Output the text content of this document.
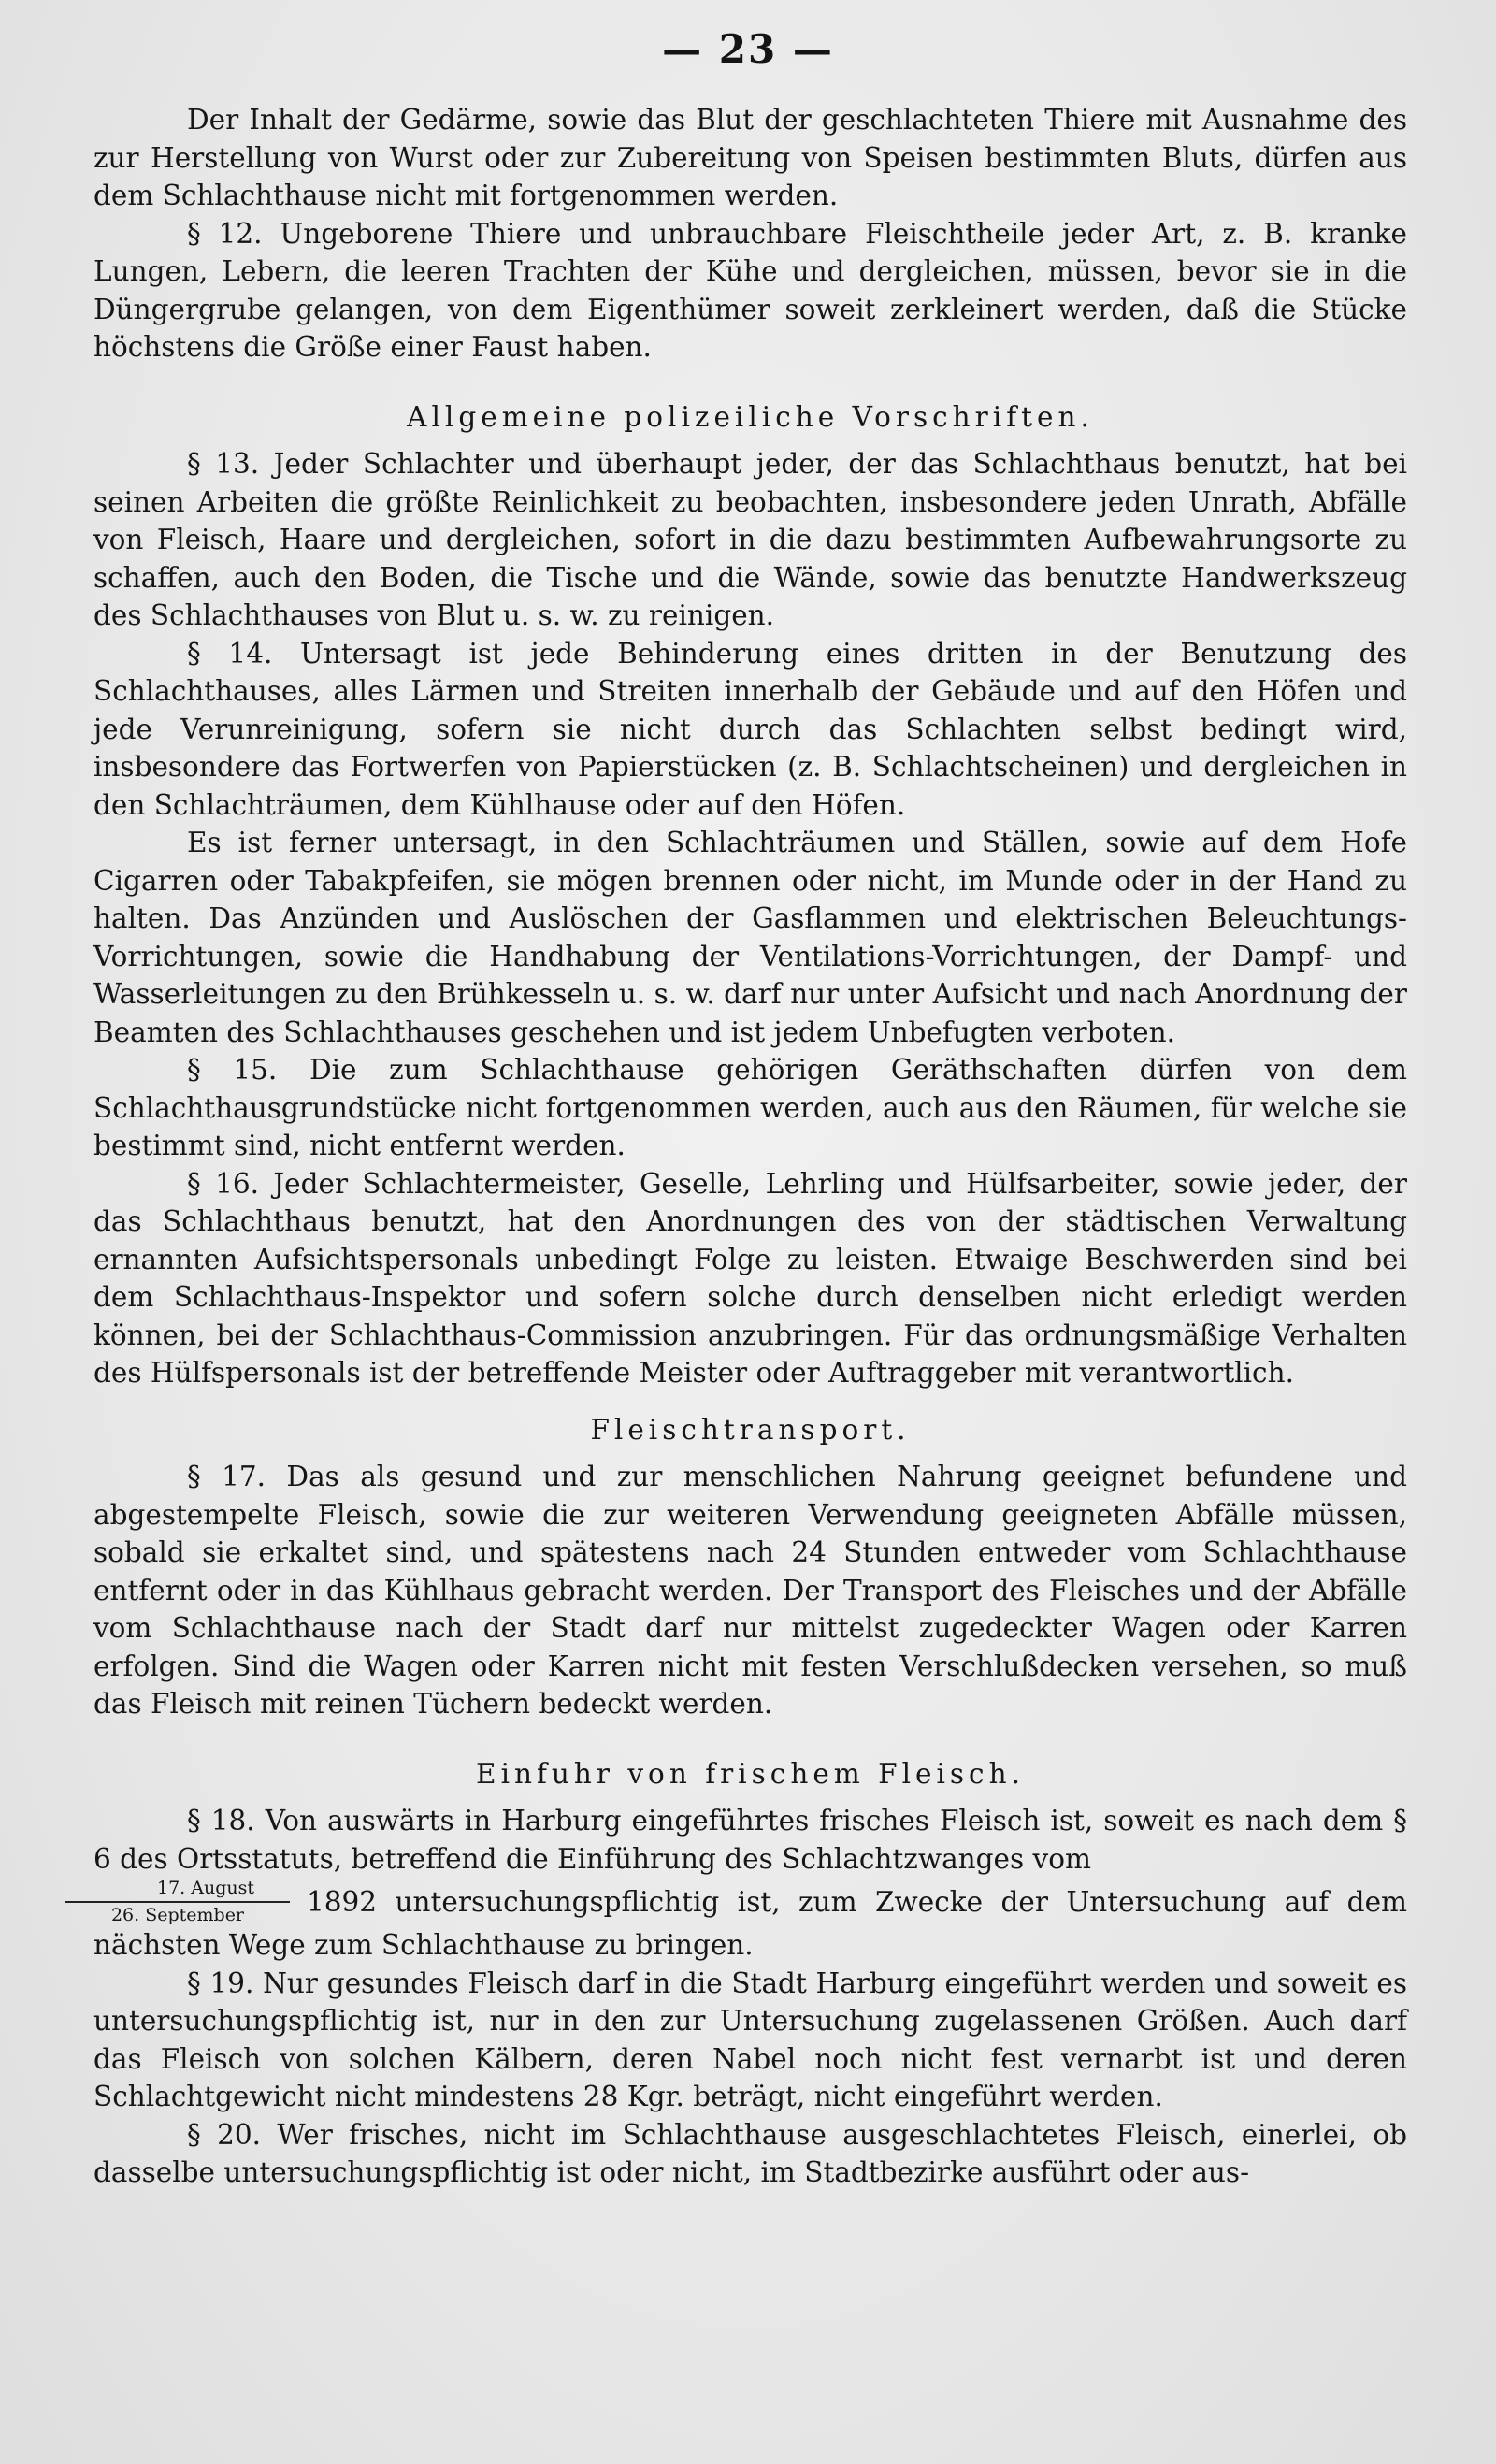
— 23 —

Der Inhalt der Gedärme, sowie das Blut der geschlachteten Thiere mit Ausnahme des zur Herstellung von Wurst oder zur Zubereitung von Speisen bestimmten Bluts, dürfen aus dem Schlachthause nicht mit fortgenommen werden.

§ 12. Ungeborene Thiere und unbrauchbare Fleischtheile jeder Art, z. B. kranke Lungen, Lebern, die leeren Trachten der Kühe und dergleichen, müssen, bevor sie in die Düngergrube gelangen, von dem Eigenthümer soweit zerkleinert werden, daß die Stücke höchstens die Größe einer Faust haben.

Allgemeine polizeiliche Vorschriften.

§ 13. Jeder Schlachter und überhaupt jeder, der das Schlachthaus benutzt, hat bei seinen Arbeiten die größte Reinlichkeit zu beobachten, insbesondere jeden Unrath, Abfälle von Fleisch, Haare und dergleichen, sofort in die dazu bestimmten Aufbewahrungsorte zu schaffen, auch den Boden, die Tische und die Wände, sowie das benutzte Handwerkszeug des Schlachthauses von Blut u. s. w. zu reinigen.

§ 14. Untersagt ist jede Behinderung eines dritten in der Benutzung des Schlachthauses, alles Lärmen und Streiten innerhalb der Gebäude und auf den Höfen und jede Verunreinigung, sofern sie nicht durch das Schlachten selbst bedingt wird, insbesondere das Fortwerfen von Papierstücken (z. B. Schlachtscheinen) und dergleichen in den Schlachträumen, dem Kühlhause oder auf den Höfen.

Es ist ferner untersagt, in den Schlachträumen und Ställen, sowie auf dem Hofe Cigarren oder Tabakpfeifen, sie mögen brennen oder nicht, im Munde oder in der Hand zu halten. Das Anzünden und Auslöschen der Gasflammen und elektrischen Beleuchtungs-Vorrichtungen, sowie die Handhabung der Ventilations-Vorrichtungen, der Dampf- und Wasserleitungen zu den Brühkesseln u. s. w. darf nur unter Aufsicht und nach Anordnung der Beamten des Schlachthauses geschehen und ist jedem Unbefugten verboten.

§ 15. Die zum Schlachthause gehörigen Geräthschaften dürfen von dem Schlachthausgrundstücke nicht fortgenommen werden, auch aus den Räumen, für welche sie bestimmt sind, nicht entfernt werden.

§ 16. Jeder Schlachtermeister, Geselle, Lehrling und Hülfsarbeiter, sowie jeder, der das Schlachthaus benutzt, hat den Anordnungen des von der städtischen Verwaltung ernannten Aufsichtspersonals unbedingt Folge zu leisten. Etwaige Beschwerden sind bei dem Schlachthaus-Inspektor und sofern solche durch denselben nicht erledigt werden können, bei der Schlachthaus-Commission anzubringen. Für das ordnungsmäßige Verhalten des Hülfspersonals ist der betreffende Meister oder Auftraggeber mit verantwortlich.

Fleischtransport.

§ 17. Das als gesund und zur menschlichen Nahrung geeignet befundene und abgestempelte Fleisch, sowie die zur weiteren Verwendung geeigneten Abfälle müssen, sobald sie erkaltet sind, und spätestens nach 24 Stunden entweder vom Schlachthause entfernt oder in das Kühlhaus gebracht werden. Der Transport des Fleisches und der Abfälle vom Schlachthause nach der Stadt darf nur mittelst zugedeckter Wagen oder Karren erfolgen. Sind die Wagen oder Karren nicht mit festen Verschlußdecken versehen, so muß das Fleisch mit reinen Tüchern bedeckt werden.

Einfuhr von frischem Fleisch.

§ 18. Von auswärts in Harburg eingeführtes frisches Fleisch ist, soweit es nach dem § 6 des Ortsstatuts, betreffend die Einführung des Schlachtzwanges vom

$\frac{\text{17. August}}{\text{26. September}} 1892$ untersuchungspflichtig ist, zum Zwecke der Untersuchung auf dem

nächsten Wege zum Schlachthause zu bringen.

§ 19. Nur gesundes Fleisch darf in die Stadt Harburg eingeführt werden und soweit es untersuchungspflichtig ist, nur in den zur Untersuchung zugelassenen Größen. Auch darf das Fleisch von solchen Kälbern, deren Nabel noch nicht fest vernarbt ist und deren Schlachtgewicht nicht mindestens 28 Kgr. beträgt, nicht eingeführt werden.

§ 20. Wer frisches, nicht im Schlachthause ausgeschlachtetes Fleisch, einerlei, ob dasselbe untersuchungspflichtig ist oder nicht, im Stadtbezirke ausführt oder aus-
